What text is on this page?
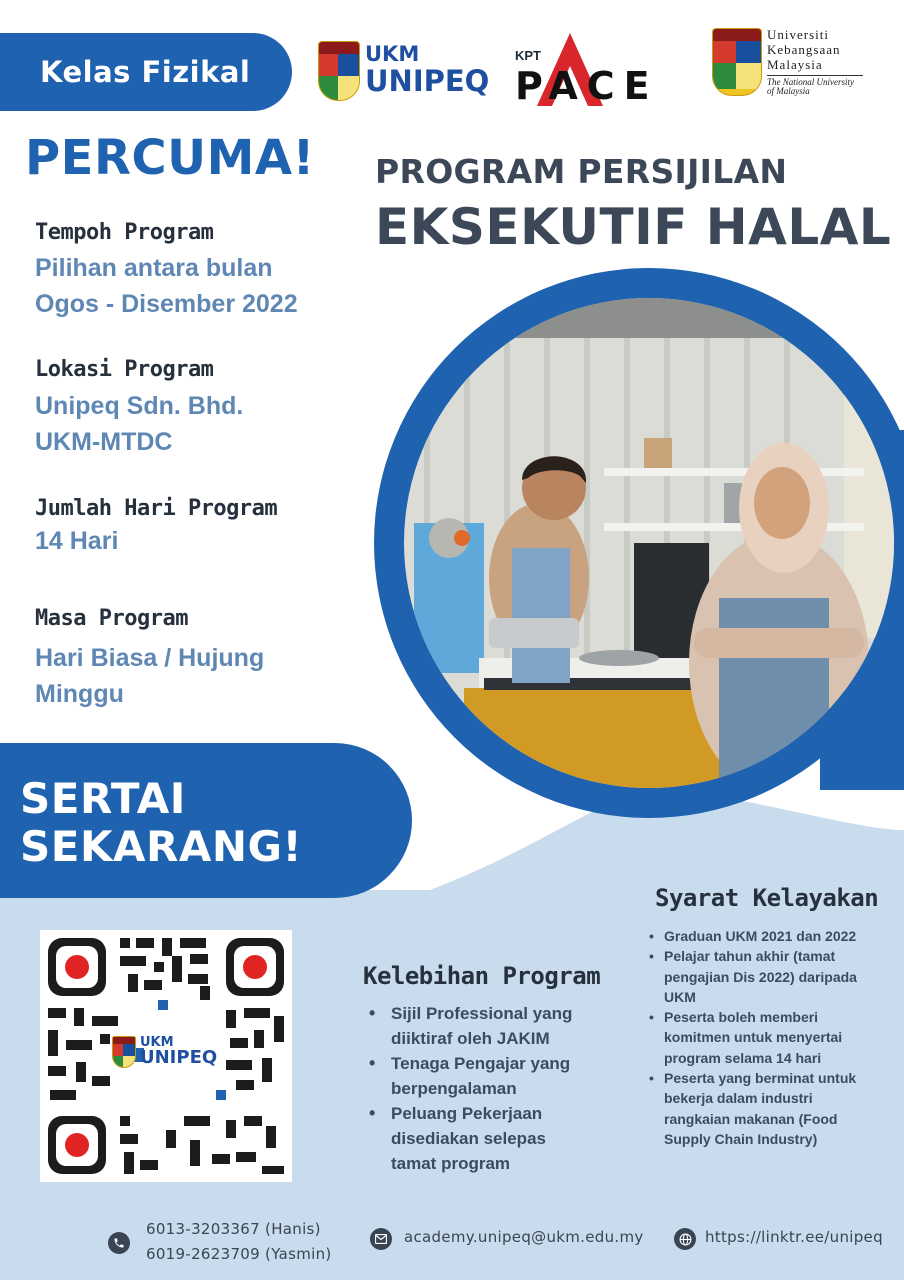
Kelas Fizikal
UKM
UNIPEQ
KPT
PACE
Universiti
Kebangsaan
Malaysia
The National University
of Malaysia
PERCUMA! PROGRAM PERSIJILAN
EKSEKUTIF HALAL
Tempoh Program
Pilihan antara bulan
Ogos - Disember 2022
Lokasi Program
Unipeq Sdn. Bhd.
UKM-MTDC
Jumlah Hari Program
14 Hari
Masa Program
Hari Biasa / Hujung
Minggu
SERTAI
SEKARANG!
UKM
UNIPEQ
Kelebihan Program
• Sijil Professional yang
diiktiraf oleh JAKIM
• Tenaga Pengajar yang
berpengalaman
• Peluang Pekerjaan
disediakan selepas
tamat program
Syarat Kelayakan
• Graduan UKM 2021 dan 2022
• Pelajar tahun akhir (tamat
pengajian Dis 2022) daripada
UKM
• Peserta boleh memberi
komitmen untuk menyertai
program selama 14 hari
• Peserta yang berminat untuk
bekerja dalam industri
rangkaian makanan (Food
Supply Chain Industry)
6013-3203367 (Hanis)
6019-2623709 (Yasmin)
academy.unipeq@ukm.edu.my	https://linktr.ee/unipeq
